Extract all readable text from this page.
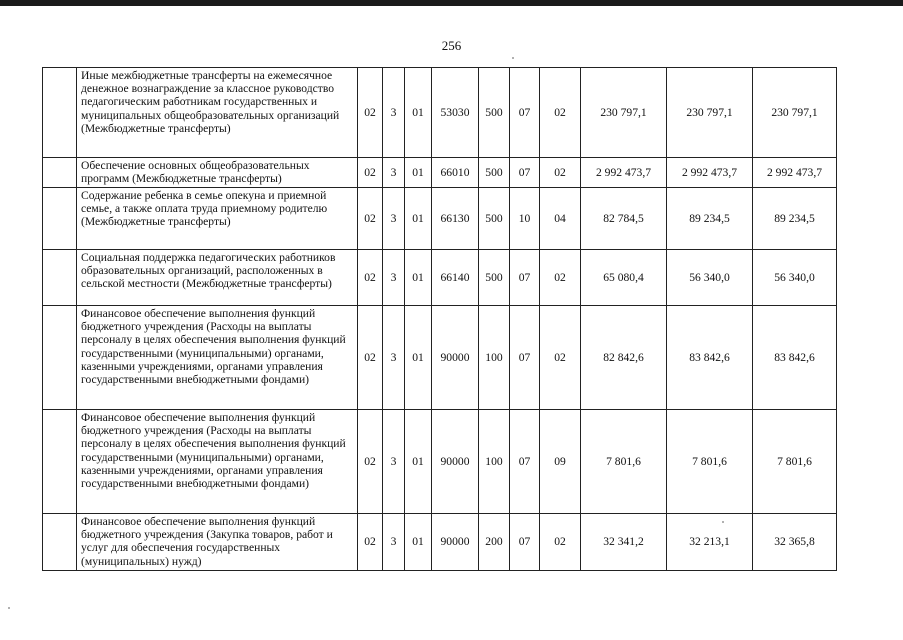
256
	Иные межбюджетные трансферты на ежемесячное денежное вознаграждение за классное руководство педагогическим работникам государственных и муниципальных общеобразовательных организаций (Межбюджетные трансферты)	02	3	01	53030	500	07	02	230 797,1	230 797,1	230 797,1
	Обеспечение основных общеобразовательных программ (Межбюджетные трансферты)	02	3	01	66010	500	07	02	2 992 473,7	2 992 473,7	2 992 473,7
	Содержание ребенка в семье опекуна и приемной семье, а также оплата труда приемному родителю (Межбюджетные трансферты)	02	3	01	66130	500	10	04	82 784,5	89 234,5	89 234,5
	Социальная поддержка педагогических работников образовательных организаций, расположенных в сельской местности (Межбюджетные трансферты)	02	3	01	66140	500	07	02	65 080,4	56 340,0	56 340,0
	Финансовое обеспечение выполнения функций бюджетного учреждения (Расходы на выплаты персоналу в целях обеспечения выполнения функций государственными (муниципальными) органами, казенными учреждениями, органами управления государственными внебюджетными фондами)	02	3	01	90000	100	07	02	82 842,6	83 842,6	83 842,6
	Финансовое обеспечение выполнения функций бюджетного учреждения (Расходы на выплаты персоналу в целях обеспечения выполнения функций государственными (муниципальными) органами, казенными учреждениями, органами управления государственными внебюджетными фондами)	02	3	01	90000	100	07	09	7 801,6	7 801,6	7 801,6
	Финансовое обеспечение выполнения функций бюджетного учреждения (Закупка товаров, работ и услуг для обеспечения государственных (муниципальных) нужд)	02	3	01	90000	200	07	02	32 341,2	32 213,1	32 365,8
